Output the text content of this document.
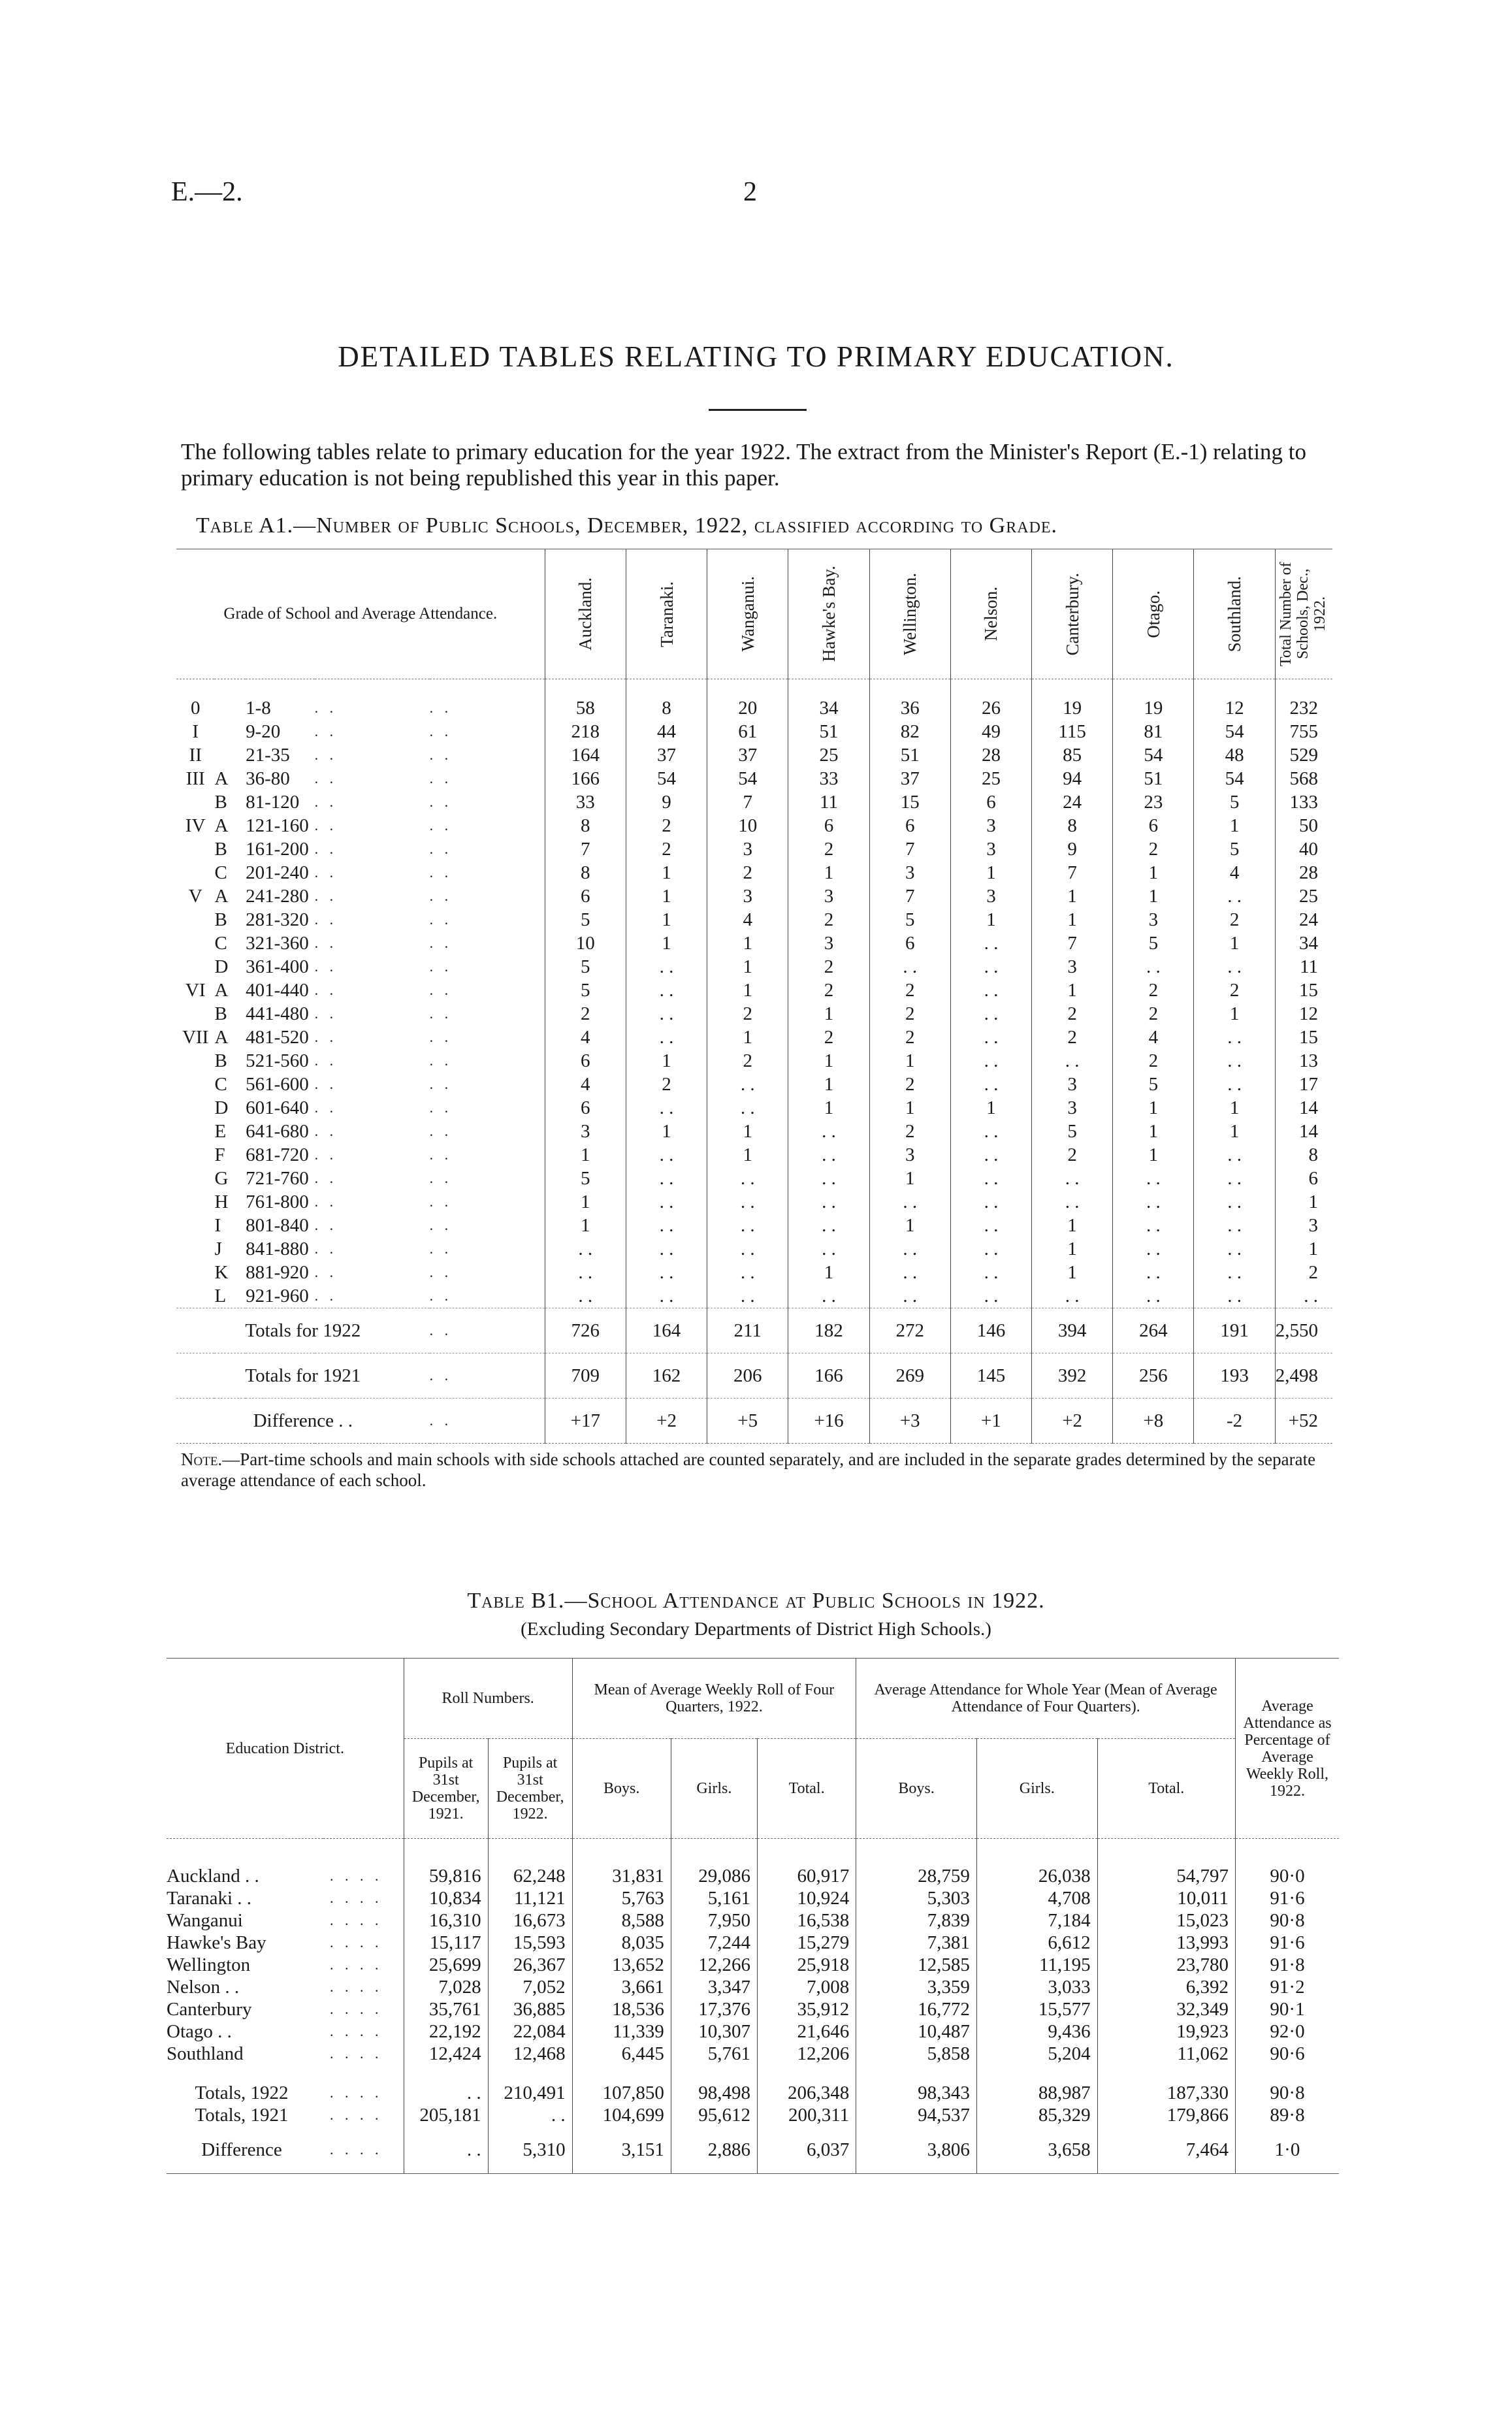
E.—2.	2
DETAILED TABLES RELATING TO PRIMARY EDUCATION.
The following tables relate to primary education for the year 1922. The extract from the Minister's Report (E.-1) relating to primary education is not being republished this year in this paper.
Table A1.—Number of Public Schools, December, 1922, classified according to Grade.
Grade of School and Average Attendance.					Auckland.	Taranaki.	Wanganui.	Hawke's Bay.	Wellington.	Nelson.	Canterbury.	Otago.	Southland.	Total Number of Schools, Dec., 1922.

0		1-8	. .	. .	58	8	20	34	36	26	19	19	12	232
I		9-20	. .	. .	218	44	61	51	82	49	115	81	54	755
II		21-35	. .	. .	164	37	37	25	51	28	85	54	48	529
III	A	36-80	. .	. .	166	54	54	33	37	25	94	51	54	568
	B	81-120	. .	. .	33	9	7	11	15	6	24	23	5	133
IV	A	121-160	. .	. .	8	2	10	6	6	3	8	6	1	50
	B	161-200	. .	. .	7	2	3	2	7	3	9	2	5	40
	C	201-240	. .	. .	8	1	2	1	3	1	7	1	4	28
V	A	241-280	. .	. .	6	1	3	3	7	3	1	1	. .	25
	B	281-320	. .	. .	5	1	4	2	5	1	1	3	2	24
	C	321-360	. .	. .	10	1	1	3	6	. .	7	5	1	34
	D	361-400	. .	. .	5	. .	1	2	. .	. .	3	. .	. .	11
VI	A	401-440	. .	. .	5	. .	1	2	2	. .	1	2	2	15
	B	441-480	. .	. .	2	. .	2	1	2	. .	2	2	1	12
VII	A	481-520	. .	. .	4	. .	1	2	2	. .	2	4	. .	15
	B	521-560	. .	. .	6	1	2	1	1	. .	. .	2	. .	13
	C	561-600	. .	. .	4	2	. .	1	2	. .	3	5	. .	17
	D	601-640	. .	. .	6	. .	. .	1	1	1	3	1	1	14
	E	641-680	. .	. .	3	1	1	. .	2	. .	5	1	1	14
	F	681-720	. .	. .	1	. .	1	. .	3	. .	2	1	. .	8
	G	721-760	. .	. .	5	. .	. .	. .	1	. .	. .	. .	. .	6
	H	761-800	. .	. .	1	. .	. .	. .	. .	. .	. .	. .	. .	1
	I	801-840	. .	. .	1	. .	. .	. .	1	. .	1	. .	. .	3
	J	841-880	. .	. .	. .	. .	. .	. .	. .	. .	1	. .	. .	1
	K	881-920	. .	. .	. .	. .	. .	1	. .	. .	1	. .	. .	2
	L	921-960	. .	. .	. .	. .	. .	. .	. .	. .	. .	. .	. .	. .
Totals for 1922				. .	726	164	211	182	272	146	394	264	191	2,550
Totals for 1921				. .	709	162	206	166	269	145	392	256	193	2,498
Difference . .				. .	+17	+2	+5	+16	+3	+1	+2	+8	-2	+52
Note.—Part-time schools and main schools with side schools attached are counted separately, and are included in the separate grades determined by the separate average attendance of each school.
Table B1.—School Attendance at Public Schools in 1922.
(Excluding Secondary Departments of District High Schools.)
Education District.		Roll Numbers.		Mean of Average Weekly Roll of Four Quarters, 1922.			Average Attendance for Whole Year (Mean of Average Attendance of Four Quarters).			Average Attendance as Percentage of Average Weekly Roll, 1922.
		Pupils at 31st December, 1921.	Pupils at 31st December, 1922.	Boys.	Girls.	Total.	Boys.	Girls.	Total.	
Auckland . .	. . . .	59,816	62,248	31,831	29,086	60,917	28,759	26,038	54,797	90·0
Taranaki . .	. . . .	10,834	11,121	5,763	5,161	10,924	5,303	4,708	10,011	91·6
Wanganui	. . . .	16,310	16,673	8,588	7,950	16,538	7,839	7,184	15,023	90·8
Hawke's Bay	. . . .	15,117	15,593	8,035	7,244	15,279	7,381	6,612	13,993	91·6
Wellington	. . . .	25,699	26,367	13,652	12,266	25,918	12,585	11,195	23,780	91·8
Nelson . .	. . . .	7,028	7,052	3,661	3,347	7,008	3,359	3,033	6,392	91·2
Canterbury	. . . .	35,761	36,885	18,536	17,376	35,912	16,772	15,577	32,349	90·1
Otago . .	. . . .	22,192	22,084	11,339	10,307	21,646	10,487	9,436	19,923	92·0
Southland	. . . .	12,424	12,468	6,445	5,761	12,206	5,858	5,204	11,062	90·6
Totals, 1922	. . . .	. .	210,491	107,850	98,498	206,348	98,343	88,987	187,330	90·8
Totals, 1921	. . . .	205,181	. .	104,699	95,612	200,311	94,537	85,329	179,866	89·8
Difference	. . . .	. .	5,310	3,151	2,886	6,037	3,806	3,658	7,464	1·0
